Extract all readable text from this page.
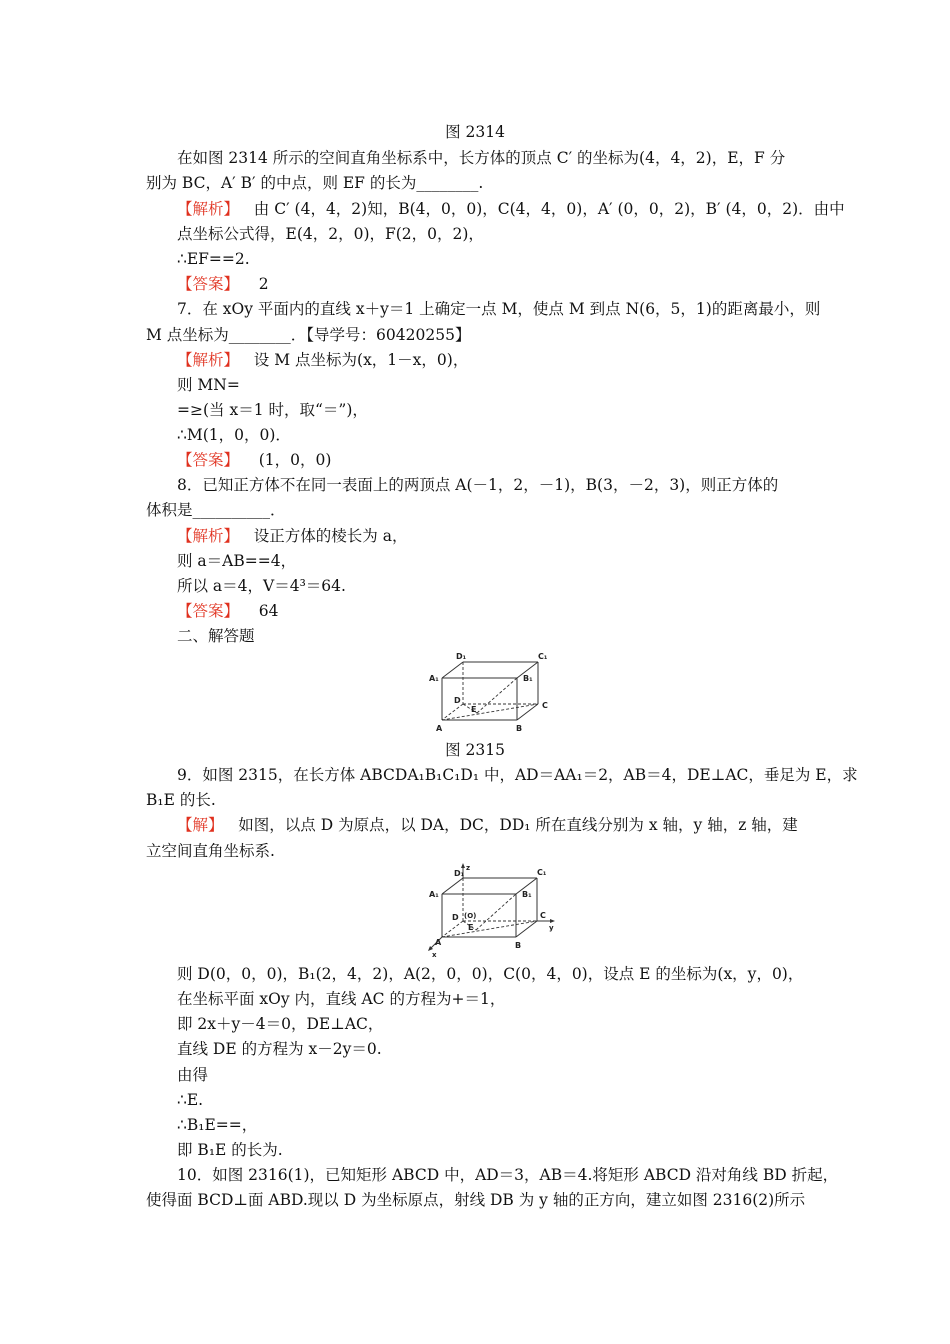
图 2314
在如图 2314 所示的空间直角坐标系中，长方体的顶点 C′ 的坐标为(4，4，2)，E，F 分
别为 BC，A′ B′ 的中点，则 EF 的长为________.
【解析】 由 C′ (4，4，2)知，B(4，0，0)，C(4，4，0)，A′ (0，0，2)，B′ (4，0，2)．由中
点坐标公式得，E(4，2，0)，F(2，0，2)，
∴EF==2.
【答案】 2
7．在 xOy 平面内的直线 x＋y＝1 上确定一点 M，使点 M 到点 N(6，5，1)的距离最小，则
M 点坐标为________．【导学号：60420255】
【解析】 设 M 点坐标为(x，1－x，0)，
则 MN=
=≥(当 x＝1 时，取“＝”)，
∴M(1，0，0)．
【答案】 (1，0，0)
8．已知正方体不在同一表面上的两顶点 A(－1，2，－1)，B(3，－2，3)，则正方体的
体积是__________．
【解析】 设正方体的棱长为 a，
则 a＝AB==4，
所以 a＝4，V＝4³＝64.
【答案】 64
二、解答题
D₁	C₁
A₁	B₁
D
C
A	B
E
图 2315
9．如图 2315，在长方体 ABCDA₁B₁C₁D₁ 中，AD＝AA₁＝2，AB＝4，DE⊥AC，垂足为 E，求
B₁E 的长.
【解】 如图，以点 D 为原点，以 DA，DC，DD₁ 所在直线分别为 x 轴，y 轴，z 轴，建
立空间直角坐标系.
z
y
x
D₁	C₁
A₁	B₁
D (O)	C
A	B
E
则 D(0，0，0)，B₁(2，4，2)，A(2，0，0)，C(0，4，0)，设点 E 的坐标为(x，y，0)，
在坐标平面 xOy 内，直线 AC 的方程为+＝1，
即 2x＋y－4＝0，DE⊥AC，
直线 DE 的方程为 x－2y＝0.
由得
∴E.
∴B₁E==，
即 B₁E 的长为.
10．如图 2316(1)，已知矩形 ABCD 中，AD＝3，AB＝4.将矩形 ABCD 沿对角线 BD 折起，
使得面 BCD⊥面 ABD.现以 D 为坐标原点，射线 DB 为 y 轴的正方向，建立如图 2316(2)所示
